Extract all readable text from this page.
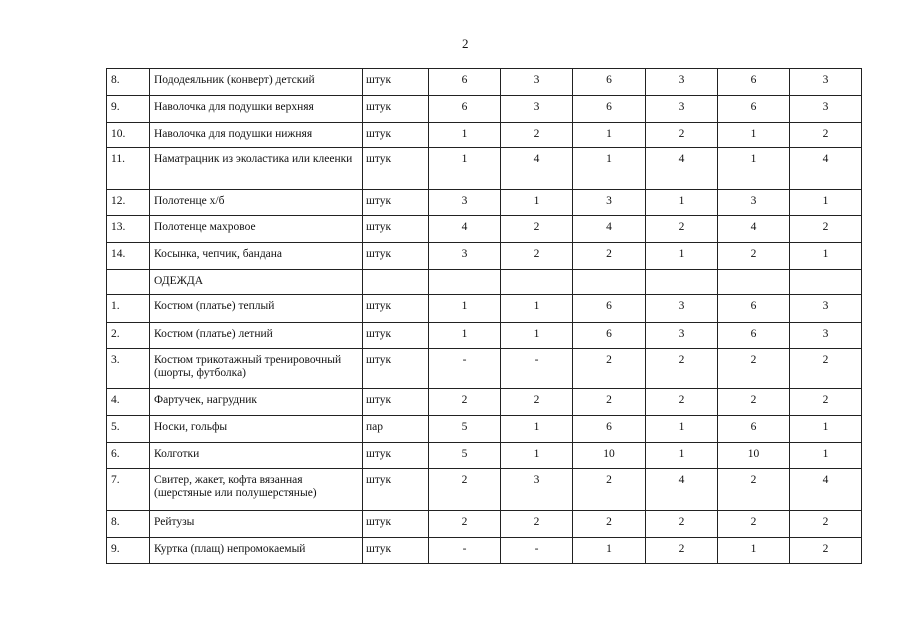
2
8.	Пододеяльник (конверт) детский	штук	6	3	6	3	6	3
9.	Наволочка для подушки верхняя	штук	6	3	6	3	6	3
10.	Наволочка для подушки нижняя	штук	1	2	1	2	1	2
11.	Наматрацник из эколастика или клеенки	штук	1	4	1	4	1	4
12.	Полотенце х/б	штук	3	1	3	1	3	1
13.	Полотенце махровое	штук	4	2	4	2	4	2
14.	Косынка, чепчик, бандана	штук	3	2	2	1	2	1
	ОДЕЖДА							
1.	Костюм (платье) теплый	штук	1	1	6	3	6	3
2.	Костюм (платье) летний	штук	1	1	6	3	6	3
3.	Костюм трикотажный тренировочный (шорты, футболка)	штук	-	-	2	2	2	2
4.	Фартучек, нагрудник	штук	2	2	2	2	2	2
5.	Носки, гольфы	пар	5	1	6	1	6	1
6.	Колготки	штук	5	1	10	1	10	1
7.	Свитер, жакет, кофта вязанная (шерстяные или полушерстяные)	штук	2	3	2	4	2	4
8.	Рейтузы	штук	2	2	2	2	2	2
9.	Куртка (плащ) непромокаемый	штук	-	-	1	2	1	2
